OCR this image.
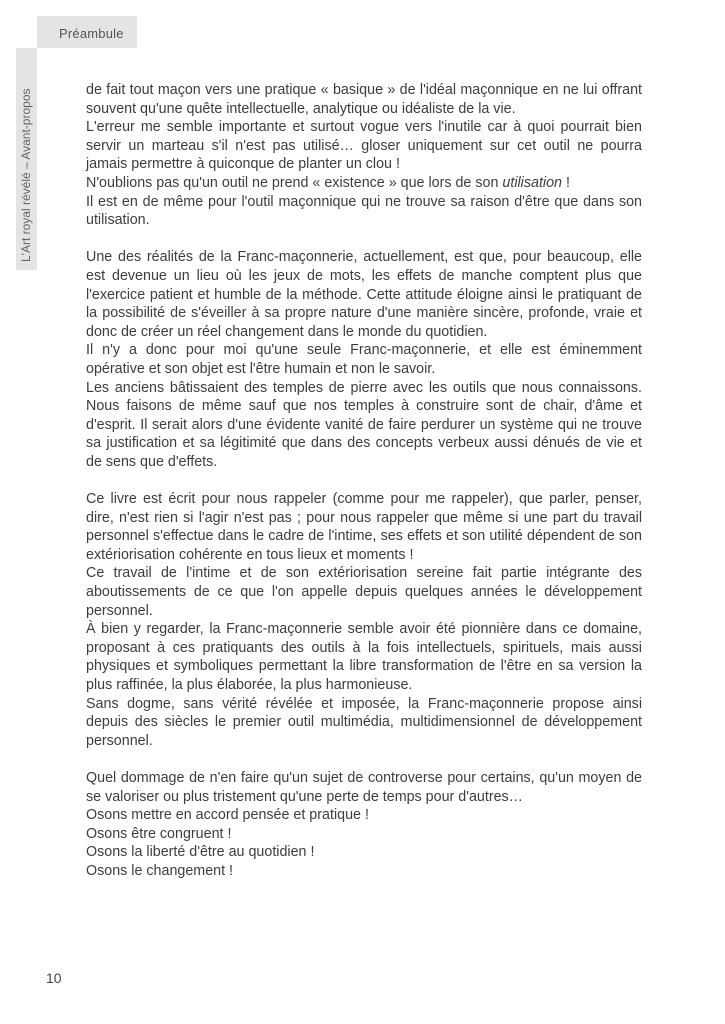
Préambule
L'Art royal révélé – Avant-propos	de fait tout maçon vers une pratique « basique » de l'idéal maçonnique en ne lui offrant souvent qu'une quête intellectuelle, analytique ou idéaliste de la vie.

L'erreur me semble importante et surtout vogue vers l'inutile car à quoi pourrait bien servir un marteau s'il n'est pas utilisé… gloser uniquement sur cet outil ne pourra jamais permettre à quiconque de planter un clou !

N'oublions pas qu'un outil ne prend « existence » que lors de son utilisation !

Il est en de même pour l'outil maçonnique qui ne trouve sa raison d'être que dans son utilisation.

Une des réalités de la Franc-maçonnerie, actuellement, est que, pour beaucoup, elle est devenue un lieu où les jeux de mots, les effets de manche comptent plus que l'exercice patient et humble de la méthode. Cette attitude éloigne ainsi le pratiquant de la possibilité de s'éveiller à sa propre nature d'une manière sincère, profonde, vraie et donc de créer un réel changement dans le monde du quotidien.

Il n'y a donc pour moi qu'une seule Franc-maçonnerie, et elle est éminemment opérative et son objet est l'être humain et non le savoir.

Les anciens bâtissaient des temples de pierre avec les outils que nous connaissons. Nous faisons de même sauf que nos temples à construire sont de chair, d'âme et d'esprit. Il serait alors d'une évidente vanité de faire perdurer un système qui ne trouve sa justification et sa légitimité que dans des concepts verbeux aussi dénués de vie et de sens que d'effets.

Ce livre est écrit pour nous rappeler (comme pour me rappeler), que parler, penser, dire, n'est rien si l'agir n'est pas ; pour nous rappeler que même si une part du travail personnel s'effectue dans le cadre de l'intime, ses effets et son utilité dépendent de son extériorisation cohérente en tous lieux et moments !

Ce travail de l'intime et de son extériorisation sereine fait partie intégrante des aboutissements de ce que l'on appelle depuis quelques années le développement personnel.

À bien y regarder, la Franc-maçonnerie semble avoir été pionnière dans ce domaine, proposant à ces pratiquants des outils à la fois intellectuels, spirituels, mais aussi physiques et symboliques permettant la libre transformation de l'être en sa version la plus raffinée, la plus élaborée, la plus harmonieuse.

Sans dogme, sans vérité révélée et imposée, la Franc-maçonnerie propose ainsi depuis des siècles le premier outil multimédia, multidimensionnel de développement personnel.

Quel dommage de n'en faire qu'un sujet de controverse pour certains, qu'un moyen de se valoriser ou plus tristement qu'une perte de temps pour d'autres…

Osons mettre en accord pensée et pratique !

Osons être congruent !

Osons la liberté d'être au quotidien !

Osons le changement !

10
